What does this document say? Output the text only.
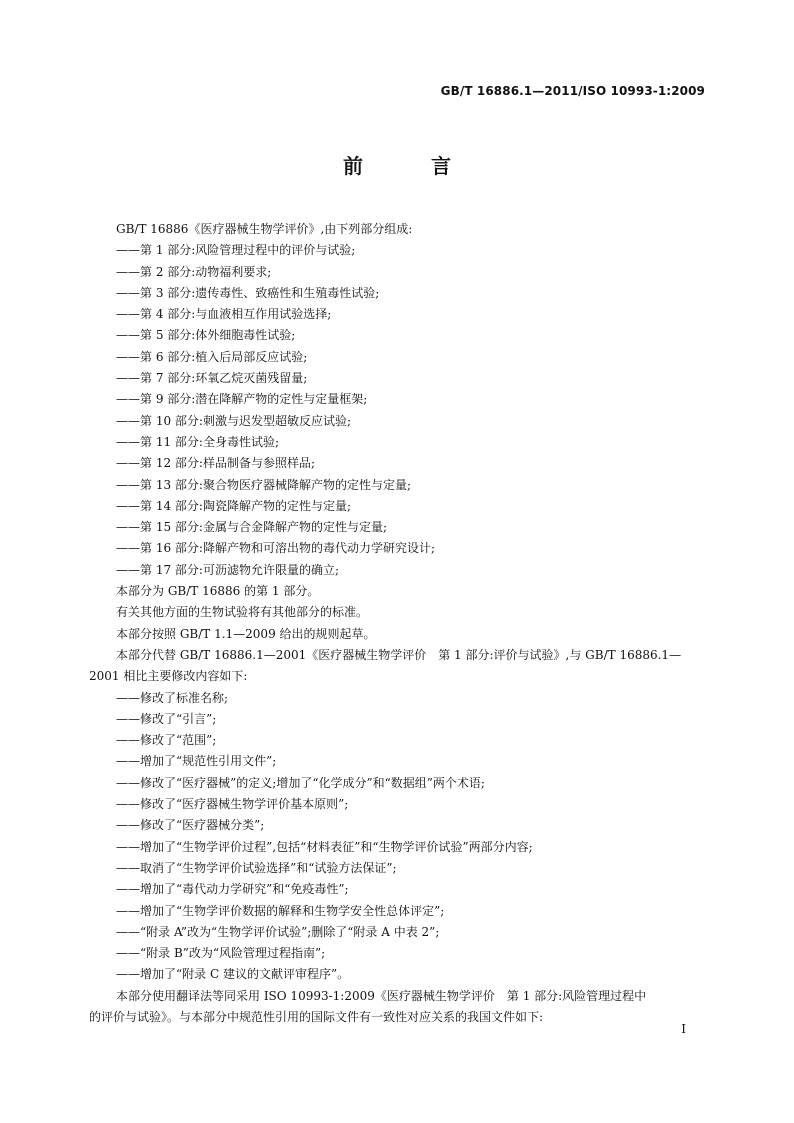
GB/T 16886.1—2011/ISO 10993-1:2009
前　言
GB/T 16886《医疗器械生物学评价》,由下列部分组成:
——第 1 部分:风险管理过程中的评价与试验;
——第 2 部分:动物福利要求;
——第 3 部分:遗传毒性、致癌性和生殖毒性试验;
——第 4 部分:与血液相互作用试验选择;
——第 5 部分:体外细胞毒性试验;
——第 6 部分:植入后局部反应试验;
——第 7 部分:环氧乙烷灭菌残留量;
——第 9 部分:潜在降解产物的定性与定量框架;
——第 10 部分:刺激与迟发型超敏反应试验;
——第 11 部分:全身毒性试验;
——第 12 部分:样品制备与参照样品;
——第 13 部分:聚合物医疗器械降解产物的定性与定量;
——第 14 部分:陶瓷降解产物的定性与定量;
——第 15 部分:金属与合金降解产物的定性与定量;
——第 16 部分:降解产物和可溶出物的毒代动力学研究设计;
——第 17 部分:可沥滤物允许限量的确立;
本部分为 GB/T 16886 的第 1 部分。
有关其他方面的生物试验将有其他部分的标准。
本部分按照 GB/T 1.1—2009 给出的规则起草。
本部分代替 GB/T 16886.1—2001《医疗器械生物学评价　第 1 部分:评价与试验》,与 GB/T 16886.1—
2001 相比主要修改内容如下:
——修改了标准名称;
——修改了“引言”;
——修改了“范围”;
——增加了“规范性引用文件”;
——修改了“医疗器械”的定义;增加了“化学成分”和“数据组”两个术语;
——修改了“医疗器械生物学评价基本原则”;
——修改了“医疗器械分类”;
——增加了“生物学评价过程”,包括“材料表征”和“生物学评价试验”两部分内容;
——取消了“生物学评价试验选择”和“试验方法保证”;
——增加了“毒代动力学研究”和“免疫毒性”;
——增加了“生物学评价数据的解释和生物学安全性总体评定”;
——“附录 A”改为“生物学评价试验”;删除了“附录 A 中表 2”;
——“附录 B”改为“风险管理过程指南”;
——增加了“附录 C 建议的文献评审程序”。
本部分使用翻译法等同采用 ISO 10993-1:2009《医疗器械生物学评价　第 1 部分:风险管理过程中
的评价与试验》。与本部分中规范性引用的国际文件有一致性对应关系的我国文件如下:
I
